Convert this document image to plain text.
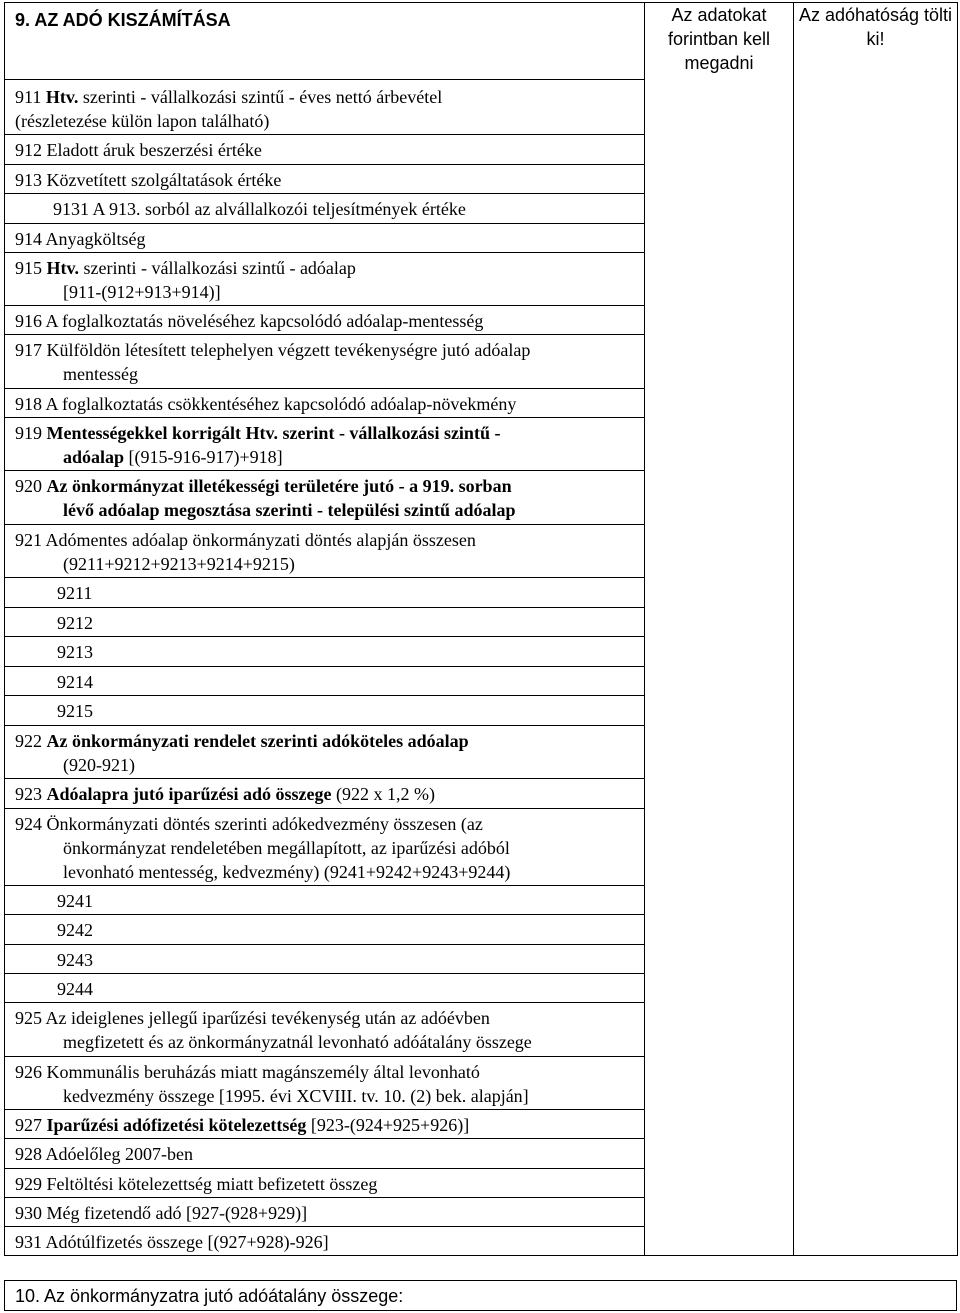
9. AZ ADÓ KISZÁMÍTÁSA	Az adatokat forintban kell megadni	Az adóhatóság tölti ki!

911 Htv. szerinti - vállalkozási szintű - éves nettó árbevétel
(részletezése külön lapon található)

912 Eladott áruk beszerzési értéke

913 Közvetített szolgáltatások értéke

9131 A 913. sorból az alvállalkozói teljesítmények értéke

914 Anyagköltség

915 Htv. szerinti - vállalkozási szintű - adóalap
[911-(912+913+914)]

916 A foglalkoztatás növeléséhez kapcsolódó adóalap-mentesség

917 Külföldön létesített telephelyen végzett tevékenységre jutó adóalap
mentesség

918 A foglalkoztatás csökkentéséhez kapcsolódó adóalap-növekmény

919 Mentességekkel korrigált Htv. szerint - vállalkozási szintű -
adóalap [(915-916-917)+918]

920 Az önkormányzat illetékességi területére jutó - a 919. sorban
lévő adóalap megosztása szerinti - települési szintű adóalap

921 Adómentes adóalap önkormányzati döntés alapján összesen
(9211+9212+9213+9214+9215)

9211

9212

9213

9214

9215

922 Az önkormányzati rendelet szerinti adóköteles adóalap
(920-921)

923 Adóalapra jutó iparűzési adó összege (922 x 1,2 %)

924 Önkormányzati döntés szerinti adókedvezmény összesen (az
önkormányzat rendeletében megállapított, az iparűzési adóból
levonható mentesség, kedvezmény) (9241+9242+9243+9244)

9241

9242

9243

9244

925 Az ideiglenes jellegű iparűzési tevékenység után az adóévben
megfizetett és az önkormányzatnál levonható adóátalány összege

926 Kommunális beruházás miatt magánszemély által levonható
kedvezmény összege [1995. évi XCVIII. tv. 10. (2) bek. alapján]

927 Iparűzési adófizetési kötelezettség [923-(924+925+926)]

928 Adóelőleg 2007-ben

929 Feltöltési kötelezettség miatt befizetett összeg

930 Még fizetendő adó [927-(928+929)]

931 Adótúlfizetés összege [(927+928)-926]
10. Az önkormányzatra jutó adóátalány összege:
